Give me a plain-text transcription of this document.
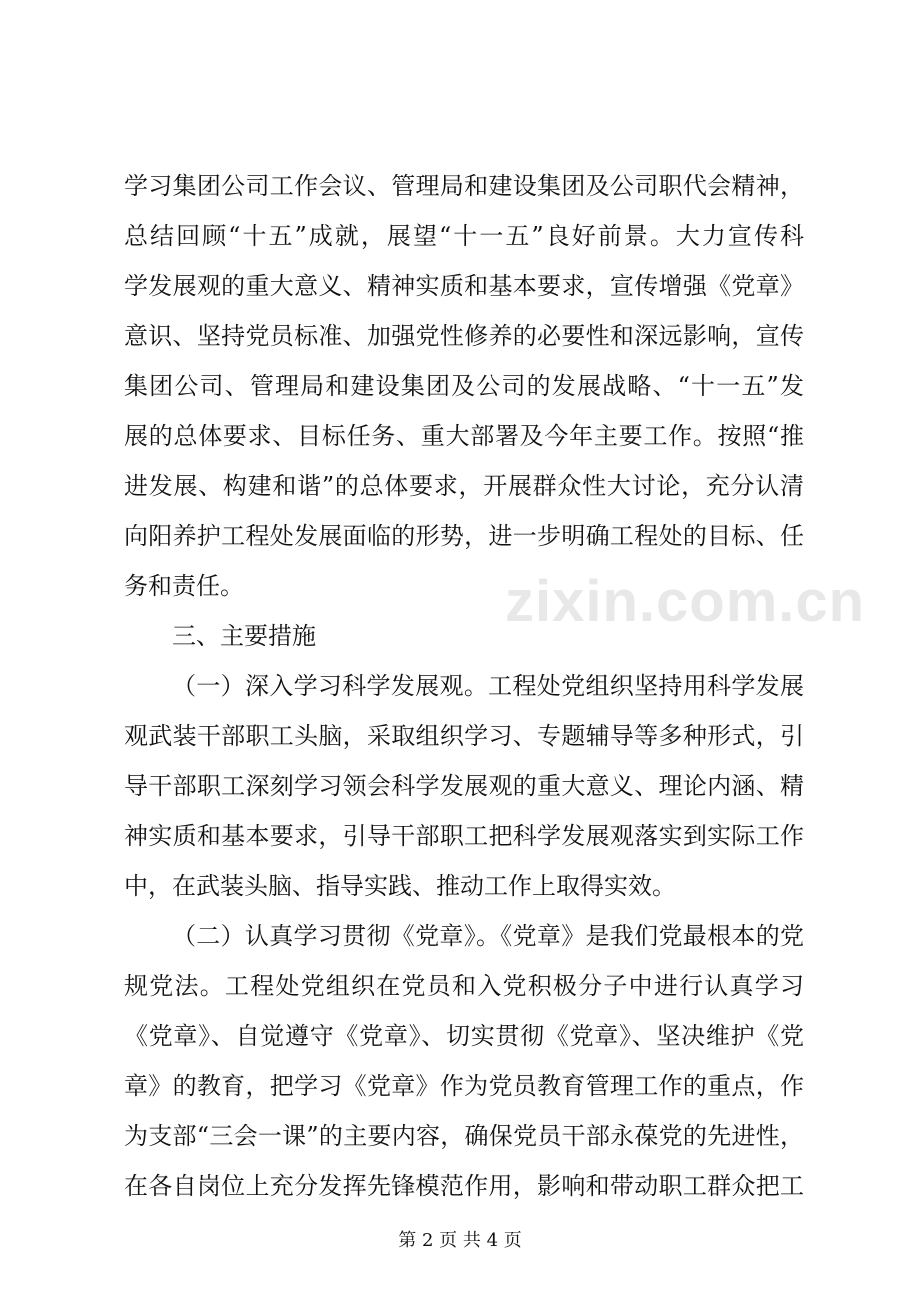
学习集团公司工作会议、管理局和建设集团及公司职代会精神，
总结回顾“十五”成就，展望“十一五”良好前景。大力宣传科
学发展观的重大意义、精神实质和基本要求，宣传增强《党章》
意识、坚持党员标准、加强党性修养的必要性和深远影响，宣传
集团公司、管理局和建设集团及公司的发展战略、“十一五”发
展的总体要求、目标任务、重大部署及今年主要工作。按照“推
进发展、构建和谐”的总体要求，开展群众性大讨论，充分认清
向阳养护工程处发展面临的形势，进一步明确工程处的目标、任
务和责任。
三、主要措施
（一）深入学习科学发展观。工程处党组织坚持用科学发展
观武装干部职工头脑，采取组织学习、专题辅导等多种形式，引
导干部职工深刻学习领会科学发展观的重大意义、理论内涵、精
神实质和基本要求，引导干部职工把科学发展观落实到实际工作
中，在武装头脑、指导实践、推动工作上取得实效。
（二）认真学习贯彻《党章》。《党章》是我们党最根本的党
规党法。工程处党组织在党员和入党积极分子中进行认真学习
《党章》、自觉遵守《党章》、切实贯彻《党章》、坚决维护《党
章》的教育，把学习《党章》作为党员教育管理工作的重点，作
为支部“三会一课”的主要内容，确保党员干部永葆党的先进性，
在各自岗位上充分发挥先锋模范作用，影响和带动职工群众把工
zixin.com.cn
第 2 页 共 4 页
